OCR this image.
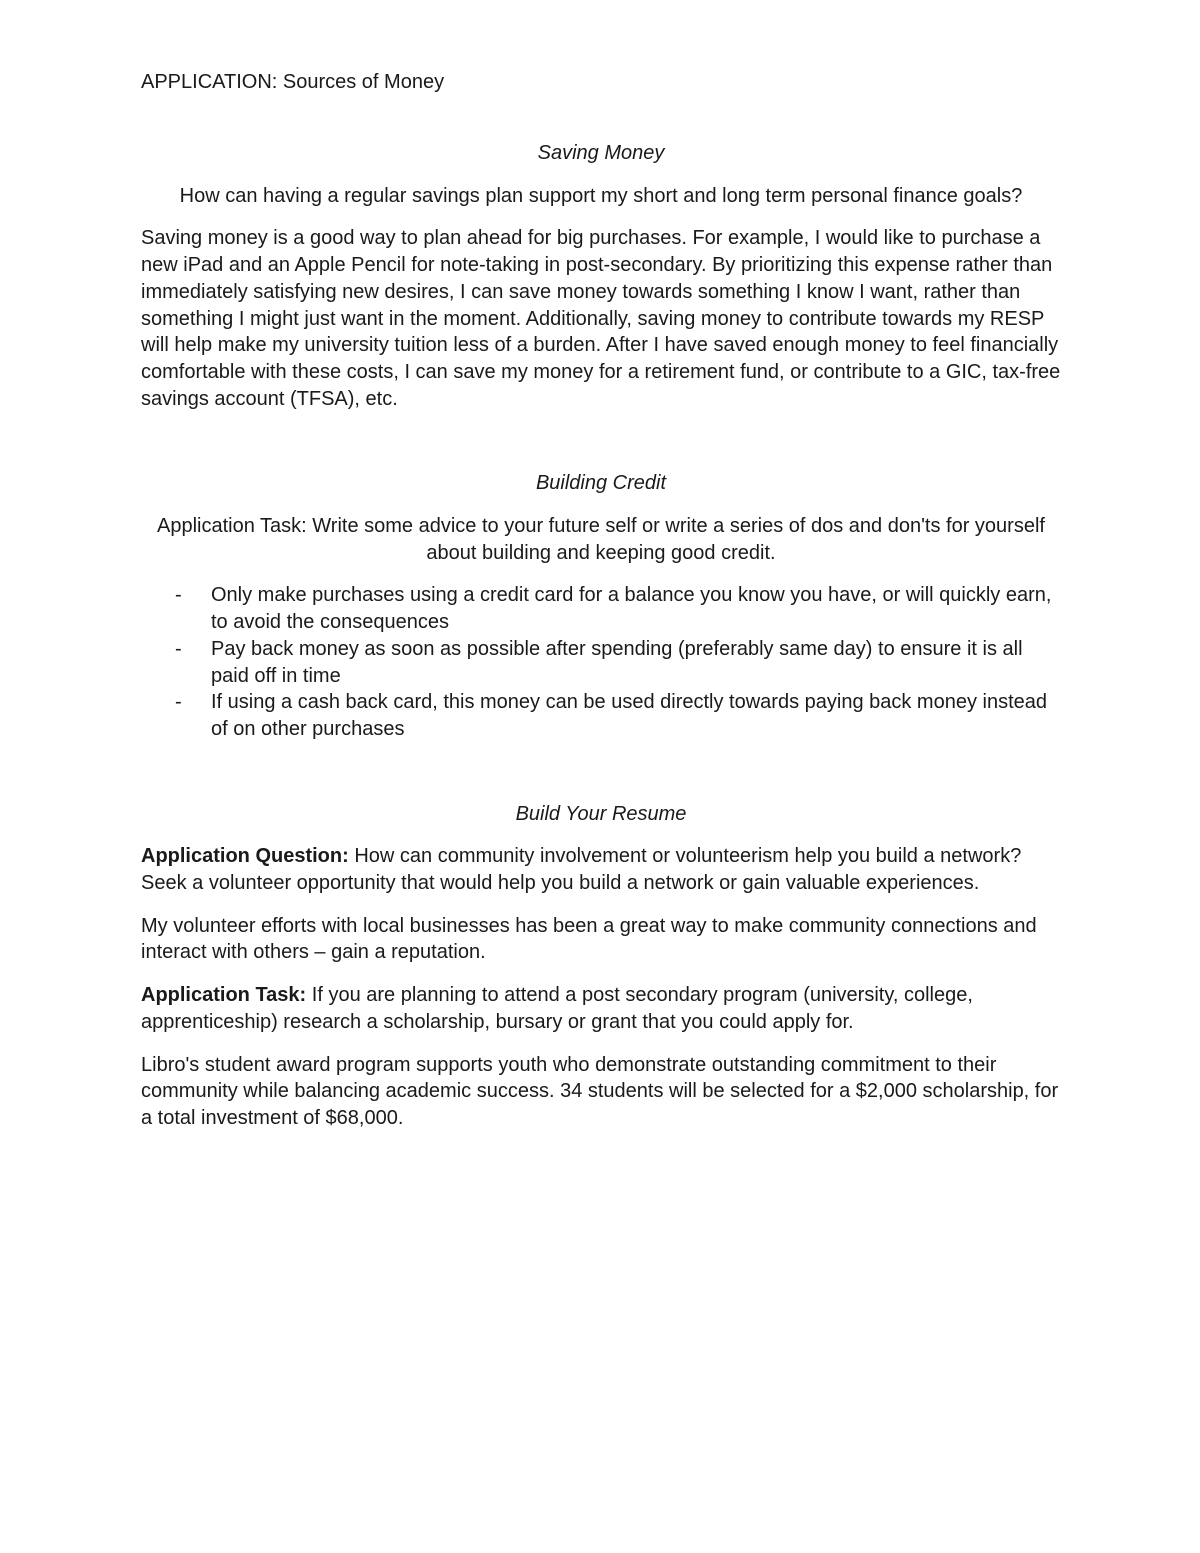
APPLICATION: Sources of Money
Saving Money

How can having a regular savings plan support my short and long term personal finance goals?

Saving money is a good way to plan ahead for big purchases. For example, I would like to purchase a new iPad and an Apple Pencil for note-taking in post-secondary. By prioritizing this expense rather than immediately satisfying new desires, I can save money towards something I know I want, rather than something I might just want in the moment. Additionally, saving money to contribute towards my RESP will help make my university tuition less of a burden. After I have saved enough money to feel financially comfortable with these costs, I can save my money for a retirement fund, or contribute to a GIC, tax-free savings account (TFSA), etc.

Building Credit

Application Task: Write some advice to your future self or write a series of dos and don'ts for yourself about building and keeping good credit.

- Only make purchases using a credit card for a balance you know you have, or will quickly earn, to avoid the consequences
- Pay back money as soon as possible after spending (preferably same day) to ensure it is all paid off in time
- If using a cash back card, this money can be used directly towards paying back money instead of on other purchases
Build Your Resume

Application Question: How can community involvement or volunteerism help you build a network? Seek a volunteer opportunity that would help you build a network or gain valuable experiences.

My volunteer efforts with local businesses has been a great way to make community connections and interact with others – gain a reputation.

Application Task: If you are planning to attend a post secondary program (university, college, apprenticeship) research a scholarship, bursary or grant that you could apply for.

Libro's student award program supports youth who demonstrate outstanding commitment to their community while balancing academic success. 34 students will be selected for a $2,000 scholarship, for a total investment of $68,000.
